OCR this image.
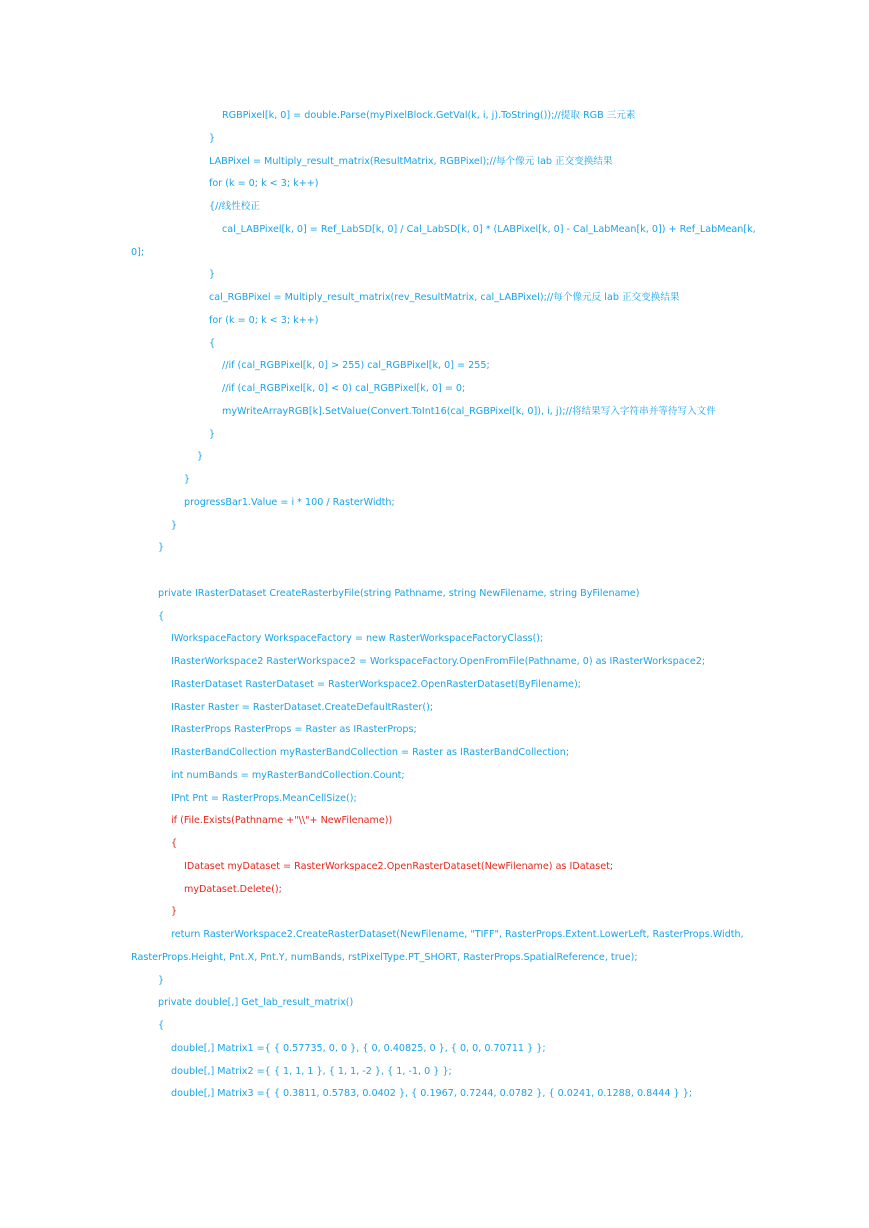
RGBPixel[k, 0] = double.Parse(myPixelBlock.GetVal(k, i, j).ToString());//提取 RGB 三元素
}
LABPixel = Multiply_result_matrix(ResultMatrix, RGBPixel);//每个像元 lab 正交变换结果
for (k = 0; k < 3; k++)
{//线性校正
cal_LABPixel[k, 0] = Ref_LabSD[k, 0] / Cal_LabSD[k, 0] * (LABPixel[k, 0] - Cal_LabMean[k, 0]) + Ref_LabMean[k,
0];
}
cal_RGBPixel = Multiply_result_matrix(rev_ResultMatrix, cal_LABPixel);//每个像元反 lab 正交变换结果
for (k = 0; k < 3; k++)
{
//if (cal_RGBPixel[k, 0] > 255) cal_RGBPixel[k, 0] = 255;
//if (cal_RGBPixel[k, 0] < 0) cal_RGBPixel[k, 0] = 0;
myWriteArrayRGB[k].SetValue(Convert.ToInt16(cal_RGBPixel[k, 0]), i, j);//将结果写入字符串并等待写入文件
}
}
}
progressBar1.Value = i * 100 / RasterWidth;
}
}
private IRasterDataset CreateRasterbyFile(string Pathname, string NewFilename, string ByFilename)
{
IWorkspaceFactory WorkspaceFactory = new RasterWorkspaceFactoryClass();
IRasterWorkspace2 RasterWorkspace2 = WorkspaceFactory.OpenFromFile(Pathname, 0) as IRasterWorkspace2;
IRasterDataset RasterDataset = RasterWorkspace2.OpenRasterDataset(ByFilename);
IRaster Raster = RasterDataset.CreateDefaultRaster();
IRasterProps RasterProps = Raster as IRasterProps;
IRasterBandCollection myRasterBandCollection = Raster as IRasterBandCollection;
int numBands = myRasterBandCollection.Count;
IPnt Pnt = RasterProps.MeanCellSize();
if (File.Exists(Pathname +"\\"+ NewFilename))
{
IDataset myDataset = RasterWorkspace2.OpenRasterDataset(NewFilename) as IDataset;
myDataset.Delete();
}
return RasterWorkspace2.CreateRasterDataset(NewFilename, "TIFF", RasterProps.Extent.LowerLeft, RasterProps.Width,
RasterProps.Height, Pnt.X, Pnt.Y, numBands, rstPixelType.PT_SHORT, RasterProps.SpatialReference, true);
}
private double[,] Get_lab_result_matrix()
{
double[,] Matrix1 ={ { 0.57735, 0, 0 }, { 0, 0.40825, 0 }, { 0, 0, 0.70711 } };
double[,] Matrix2 ={ { 1, 1, 1 }, { 1, 1, -2 }, { 1, -1, 0 } };
double[,] Matrix3 ={ { 0.3811, 0.5783, 0.0402 }, { 0.1967, 0.7244, 0.0782 }, { 0.0241, 0.1288, 0.8444 } };
